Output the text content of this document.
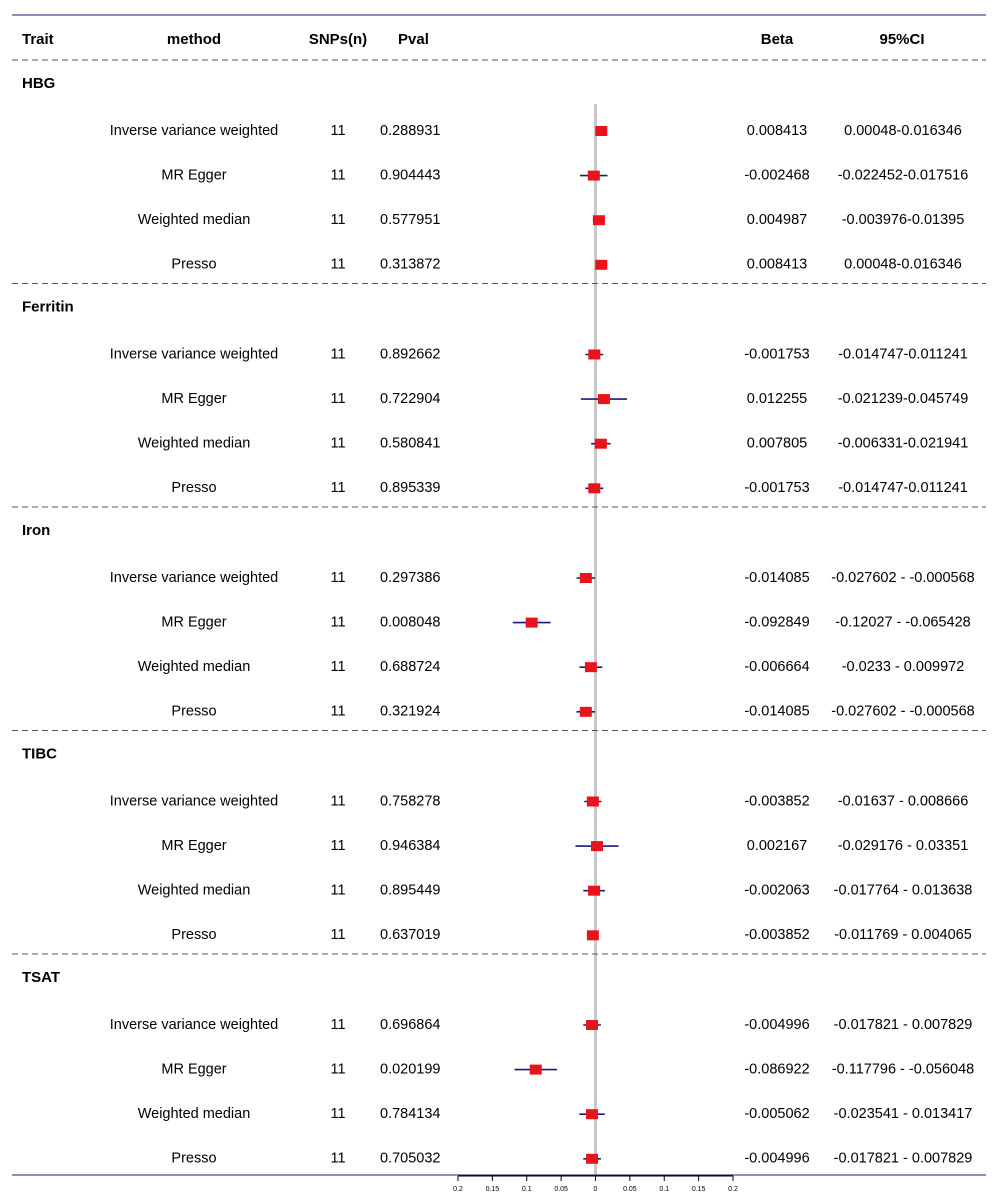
Trait	method	SNPs(n) Pval	Beta	95%CI
HBG
Inverse variance weighted	11 0.288931	0.008413	0.00048-0.016346
MR Egger	11 0.904443	-0.002468 -0.022452-0.017516
Weighted median	11 0.577951	0.004987 -0.003976-0.01395
Presso	11 0.313872	0.008413	0.00048-0.016346
Ferritin
Inverse variance weighted	11 0.892662	-0.001753 -0.014747-0.011241
MR Egger	11 0.722904	0.012255 -0.021239-0.045749
Weighted median	11 0.580841	0.007805 -0.006331-0.021941
Presso	11 0.895339	-0.001753 -0.014747-0.011241
Iron
Inverse variance weighted	11 0.297386	-0.014085 -0.027602 - -0.000568
MR Egger	11 0.008048	-0.092849 -0.12027 - -0.065428
Weighted median	11 0.688724	-0.006664 -0.0233 - 0.009972
Presso	11 0.321924	-0.014085 -0.027602 - -0.000568
TIBC
Inverse variance weighted	11 0.758278	-0.003852 -0.01637 - 0.008666
MR Egger	11 0.946384	0.002167 -0.029176 - 0.03351
Weighted median	11 0.895449	-0.002063 -0.017764 - 0.013638
Presso	11 0.637019	-0.003852 -0.011769 - 0.004065
TSAT
Inverse variance weighted	11 0.696864	-0.004996 -0.017821 - 0.007829
MR Egger	11 0.020199	-0.086922 -0.117796 - -0.056048
Weighted median	11 0.784134	-0.005062 -0.023541 - 0.013417
Presso	11 0.705032	-0.004996 -0.017821 - 0.007829
0.2	0.15	0.1	0.05	0	0.05	0.1	0.15	0.2
